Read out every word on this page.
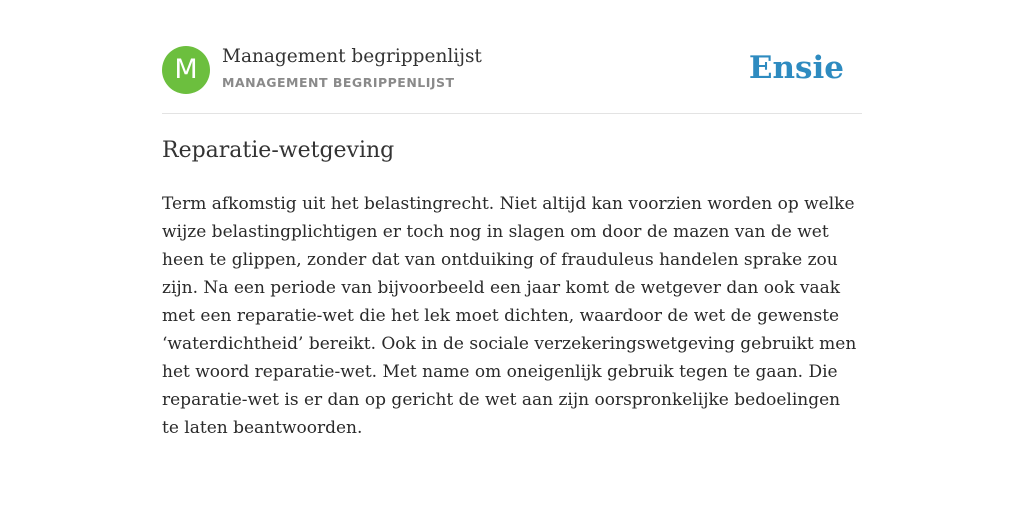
M	Management begrippenlijst
MANAGEMENT BEGRIPPENLIJST	Ensie
Reparatie-wetgeving

Term afkomstig uit het belastingrecht. Niet altijd kan voorzien worden op welke wijze belastingplichtigen er toch nog in slagen om door de mazen van de wet heen te glippen, zonder dat van ontduiking of frauduleus handelen sprake zou zijn. Na een periode van bijvoorbeeld een jaar komt de wetgever dan ook vaak met een reparatie-wet die het lek moet dichten, waardoor de wet de gewenste ‘waterdichtheid’ bereikt. Ook in de sociale verzekeringswetgeving gebruikt men het woord reparatie-wet. Met name om oneigenlijk gebruik tegen te gaan. Die reparatie-wet is er dan op gericht de wet aan zijn oorspronkelijke bedoelingen te laten beantwoorden.
